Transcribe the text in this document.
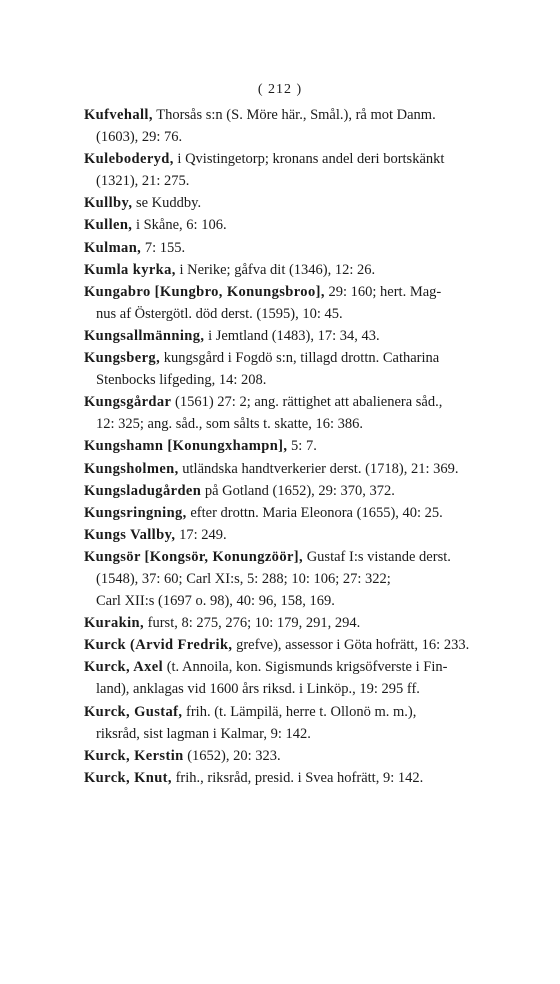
( 212 )
Kufvehall, Thorsås s:n (S. Möre här., Smål.), rå mot Danm.
(1603), 29: 76.
Kuleboderyd, i Qvistingetorp; kronans andel deri bortskänkt
(1321), 21: 275.
Kullby, se Kuddby.
Kullen, i Skåne, 6: 106.
Kulman, 7: 155.
Kumla kyrka, i Nerike; gåfva dit (1346), 12: 26.
Kungabro [Kungbro, Konungsbroo], 29: 160; hert. Mag-
nus af Östergötl. död derst. (1595), 10: 45.
Kungsallmänning, i Jemtland (1483), 17: 34, 43.
Kungsberg, kungsgård i Fogdö s:n, tillagd drottn. Catharina
Stenbocks lifgeding, 14: 208.
Kungsgårdar (1561) 27: 2; ang. rättighet att abalienera såd.,
12: 325; ang. såd., som sålts t. skatte, 16: 386.
Kungshamn [Konungxhampn], 5: 7.
Kungsholmen, utländska handtverkerier derst. (1718), 21: 369.
Kungsladugården på Gotland (1652), 29: 370, 372.
Kungsringning, efter drottn. Maria Eleonora (1655), 40: 25.
Kungs Vallby, 17: 249.
Kungsör [Kongsör, Konungzöör], Gustaf I:s vistande derst.
(1548), 37: 60; Carl XI:s, 5: 288; 10: 106; 27: 322;
Carl XII:s (1697 o. 98), 40: 96, 158, 169.
Kurakin, furst, 8: 275, 276; 10: 179, 291, 294.
Kurck (Arvid Fredrik, grefve), assessor i Göta hofrätt, 16: 233.
Kurck, Axel (t. Annoila, kon. Sigismunds krigsöfverste i Fin-
land), anklagas vid 1600 års riksd. i Linköp., 19: 295 ff.
Kurck, Gustaf, frih. (t. Lämpilä, herre t. Ollonö m. m.),
riksråd, sist lagman i Kalmar, 9: 142.
Kurck, Kerstin (1652), 20: 323.
Kurck, Knut, frih., riksråd, presid. i Svea hofrätt, 9: 142.
